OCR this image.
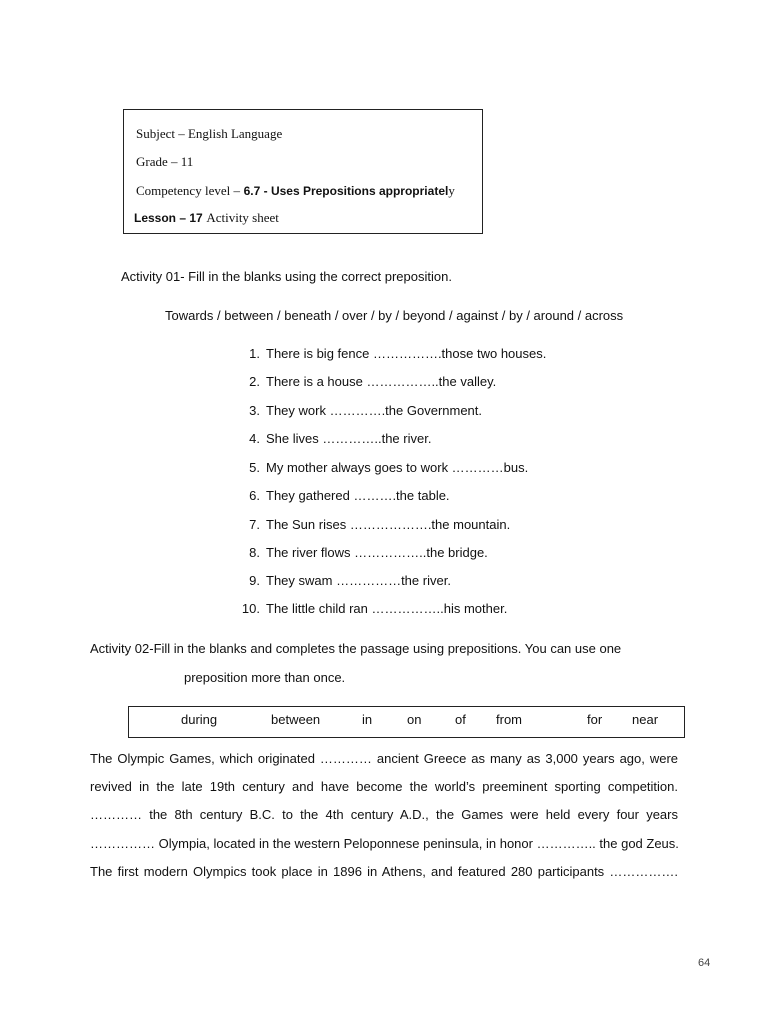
Subject – English Language
Grade – 11
Competency level – 6.7 - Uses Prepositions appropriately
Lesson – 17 Activity sheet
Activity 01- Fill in the blanks using the correct preposition.
Towards / between / beneath / over / by / beyond / against / by / around / across
1. There is big fence …………….those two houses.
2. There is a house ……………..the valley.
3. They work ………….the Government.
4. She lives …………..the river.
5. My mother always goes to work …………bus.
6. They gathered ……….the table.
7. The Sun rises ……………….the mountain.
8. The river flows ……………..the bridge.
9. They swam ……………the river.
10. The little child ran ……………..his mother.
Activity 02-Fill in the blanks and completes the passage using prepositions. You can use one
preposition more than once.
during	between	in	on	of from	for near
The Olympic Games, which originated ………… ancient Greece as many as 3,000 years ago, were
revived in the late 19th century and have become the world’s preeminent sporting competition.
………… the 8th century B.C. to the 4th century A.D., the Games were held every four years
…………… Olympia, located in the western Peloponnese peninsula, in honor ………….. the god Zeus.
The first modern Olympics took place in 1896 in Athens, and featured 280 participants …………….
64
